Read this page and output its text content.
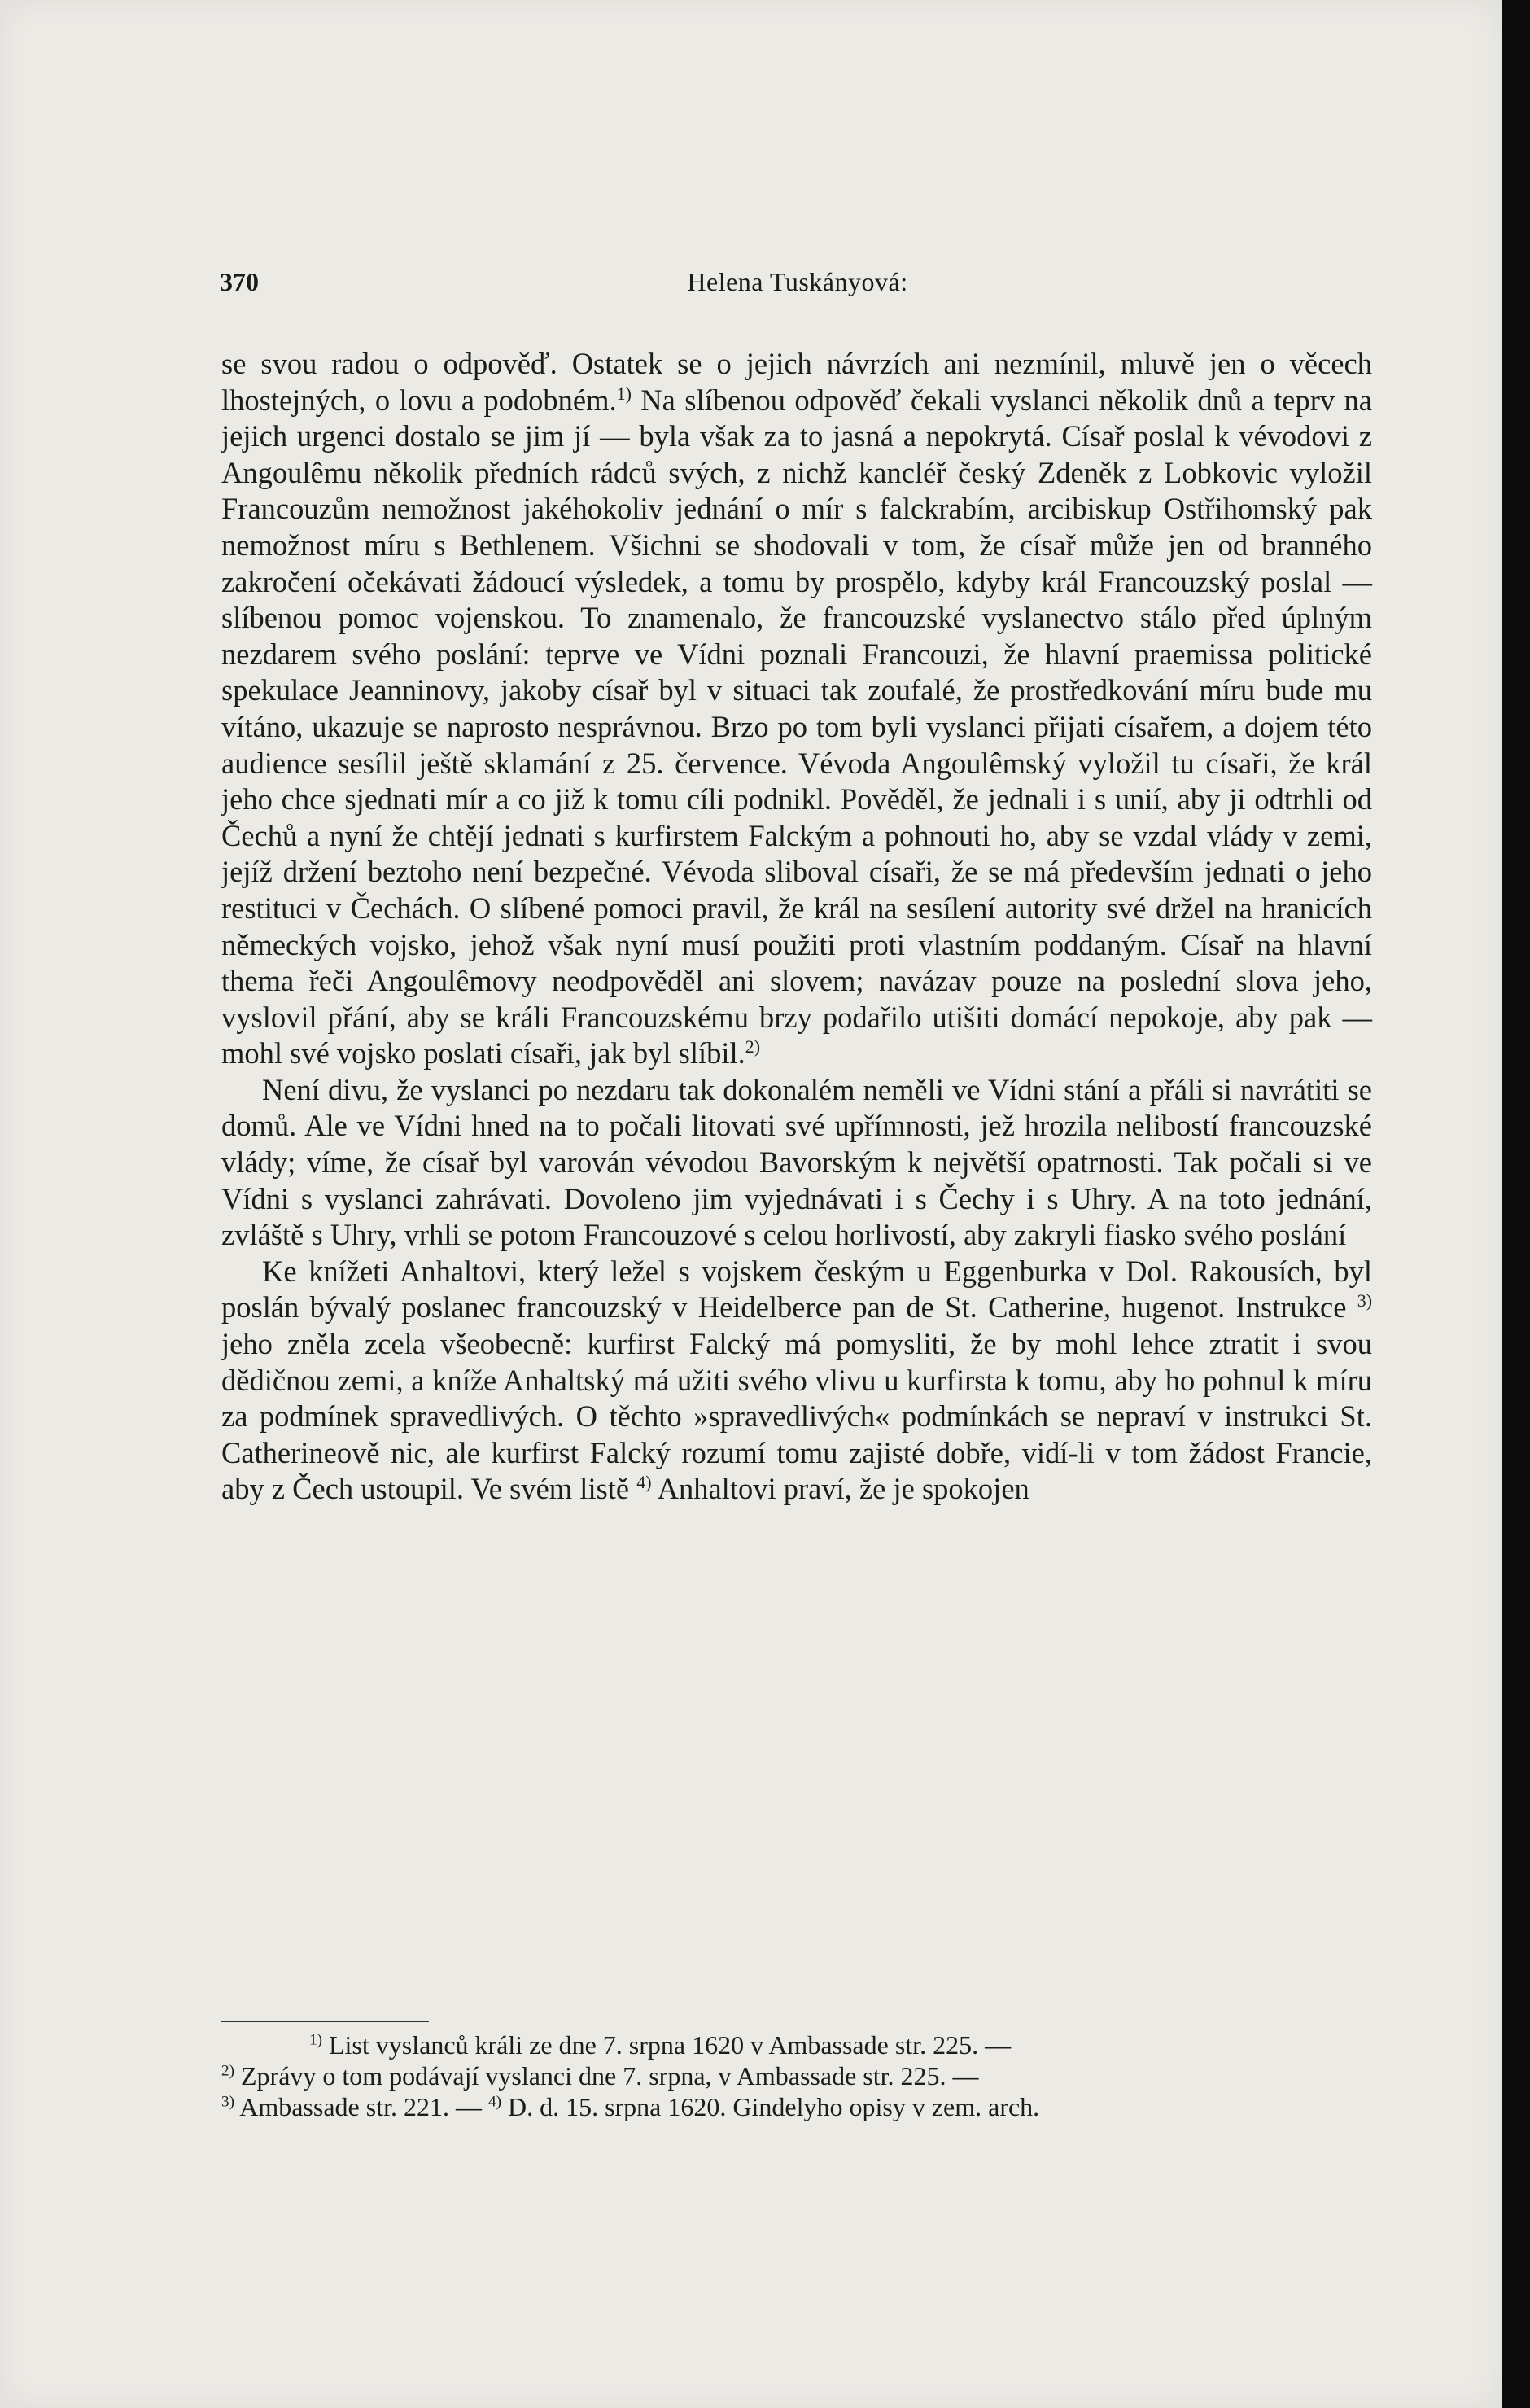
370	Helena Tuskányová:

se svou radou o odpověď. Ostatek se o jejich návrzích ani nezmínil, mluvě jen o věcech lhostejných, o lovu a podobném.$^{1)}$ Na slíbenou odpověď čekali vyslanci několik dnů a teprv na jejich urgenci dostalo se jim jí — byla však za to jasná a nepokrytá. Císař poslal k vévodovi z Angoulêmu několik předních rádců svých, z nichž kancléř český Zdeněk z Lobkovic vyložil Francouzům nemožnost jakéhokoliv jednání o mír s falckrabím, arcibiskup Ostřihomský pak nemožnost míru s Bethlenem. Všichni se shodovali v tom, že císař může jen od branného zakročení očekávati žádoucí výsledek, a tomu by prospělo, kdyby král Francouzský poslal — slíbenou pomoc vojenskou. To znamenalo, že francouzské vyslanectvo stálo před úplným nezdarem svého poslání: teprve ve Vídni poznali Francouzi, že hlavní praemissa politické spekulace Jeanninovy, jakoby císař byl v situaci tak zoufalé, že prostředkování míru bude mu vítáno, ukazuje se naprosto nesprávnou. Brzo po tom byli vyslanci přijati císařem, a dojem této audience sesílil ještě sklamání z 25. července. Vévoda Angoulêmský vyložil tu císaři, že král jeho chce sjednati mír a co již k tomu cíli podnikl. Pověděl, že jednali i s unií, aby ji odtrhli od Čechů a nyní že chtějí jednati s kurfirstem Falckým a pohnouti ho, aby se vzdal vlády v zemi, jejíž držení beztoho není bezpečné. Vévoda sliboval císaři, že se má především jednati o jeho restituci v Čechách. O slíbené pomoci pravil, že král na sesílení autority své držel na hranicích německých vojsko, jehož však nyní musí použiti proti vlastním poddaným. Císař na hlavní thema řeči Angoulêmovy neodpověděl ani slovem; navázav pouze na poslední slova jeho, vyslovil přání, aby se králi Francouzskému brzy podařilo utišiti domácí nepokoje, aby pak — mohl své vojsko poslati císaři, jak byl slíbil.$^{2)}$

Není divu, že vyslanci po nezdaru tak dokonalém neměli ve Vídni stání a přáli si navrátiti se domů. Ale ve Vídni hned na to počali litovati své upřímnosti, jež hrozila nelibostí francouzské vlády; víme, že císař byl varován vévodou Bavorským k největší opatrnosti. Tak počali si ve Vídni s vyslanci zahrávati. Dovoleno jim vyjednávati i s Čechy i s Uhry. A na toto jednání, zvláště s Uhry, vrhli se potom Francouzové s celou horlivostí, aby zakryli fiasko svého poslání

Ke knížeti Anhaltovi, který ležel s vojskem českým u Eggenburka v Dol. Rakousích, byl poslán bývalý poslanec francouzský v Heidelberce pan de St. Catherine, hugenot. Instrukce $^{3)}$ jeho zněla zcela všeobecně: kurfirst Falcký má pomysliti, že by mohl lehce ztratit i svou dědičnou zemi, a kníže Anhaltský má užiti svého vlivu u kurfirsta k tomu, aby ho pohnul k míru za podmínek spravedlivých. O těchto »spravedlivých« podmínkách se nepraví v instrukci St. Catherineově nic, ale kurfirst Falcký rozumí tomu zajisté dobře, vidí-li v tom žádost Francie, aby z Čech ustoupil. Ve svém listě $^{4)}$ Anhaltovi praví, že je spokojen

$^{1)}$ List vyslanců králi ze dne 7. srpna 1620 v Ambassade str. 225. —
$^{2)}$ Zprávy o tom podávají vyslanci dne 7. srpna, v Ambassade str. 225. —
$^{3)}$ Ambassade str. 221. — $^{4)}$ D. d. 15. srpna 1620. Gindelyho opisy v zem. arch.
